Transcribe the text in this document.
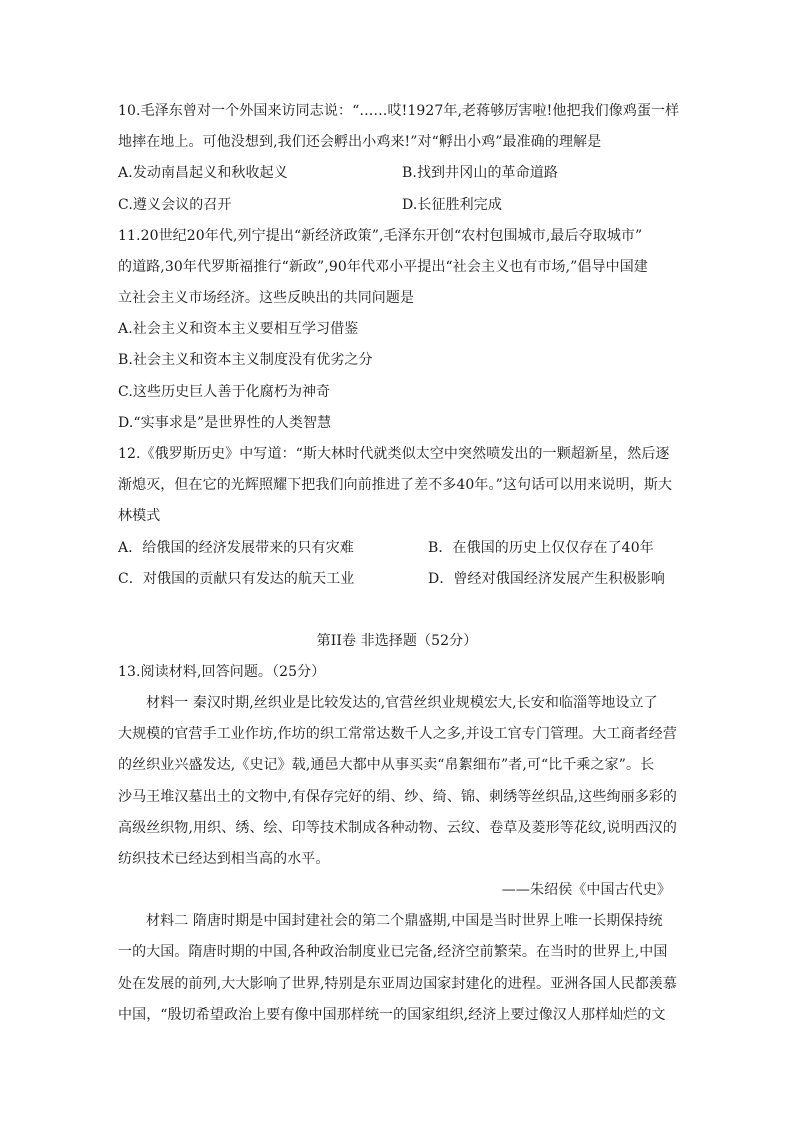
10.毛泽东曾对一个外国来访同志说：“……哎!1927年,老蒋够厉害啦!他把我们像鸡蛋一样
地摔在地上。可他没想到,我们还会孵出小鸡来!”对“孵出小鸡”最准确的理解是
A.发动南昌起义和秋收起义	B.找到井冈山的革命道路
C.遵义会议的召开	D.长征胜利完成
11.20世纪20年代,列宁提出“新经济政策”,毛泽东开创“农村包围城市,最后夺取城市”
的道路,30年代罗斯福推行“新政”,90年代邓小平提出“社会主义也有市场,”倡导中国建
立社会主义市场经济。这些反映出的共同问题是
A.社会主义和资本主义要相互学习借鉴
B.社会主义和资本主义制度没有优劣之分
C.这些历史巨人善于化腐朽为神奇
D.“实事求是”是世界性的人类智慧
12.《俄罗斯历史》中写道：“斯大林时代就类似太空中突然喷发出的一颗超新星，然后逐
渐熄灭，但在它的光辉照耀下把我们向前推进了差不多40年。”这句话可以用来说明，斯大
林模式
A．给俄国的经济发展带来的只有灾难	B．在俄国的历史上仅仅存在了40年
C．对俄国的贡献只有发达的航天工业	D．曾经对俄国经济发展产生积极影响
第II卷 非选择题（52分）
13.阅读材料,回答问题。（25分）
材料一 秦汉时期,丝织业是比较发达的,官营丝织业规模宏大,长安和临淄等地设立了
大规模的官营手工业作坊,作坊的织工常常达数千人之多,并设工官专门管理。大工商者经营
的丝织业兴盛发达,《史记》载,通邑大都中从事买卖“帛絮细布”者,可“比千乘之家”。长
沙马王堆汉墓出土的文物中,有保存完好的绢、纱、绮、锦、刺绣等丝织品,这些绚丽多彩的
高级丝织物,用织、绣、绘、印等技术制成各种动物、云纹、卷草及菱形等花纹,说明西汉的
纺织技术已经达到相当高的水平。
——朱绍侯《中国古代史》
材料二 隋唐时期是中国封建社会的第二个鼎盛期,中国是当时世界上唯一长期保持统
一的大国。隋唐时期的中国,各种政治制度业已完备,经济空前繁荣。在当时的世界上,中国
处在发展的前列,大大影响了世界,特别是东亚周边国家封建化的进程。亚洲各国人民都羡慕
中国，“殷切希望政治上要有像中国那样统一的国家组织,经济上要过像汉人那样灿烂的文
